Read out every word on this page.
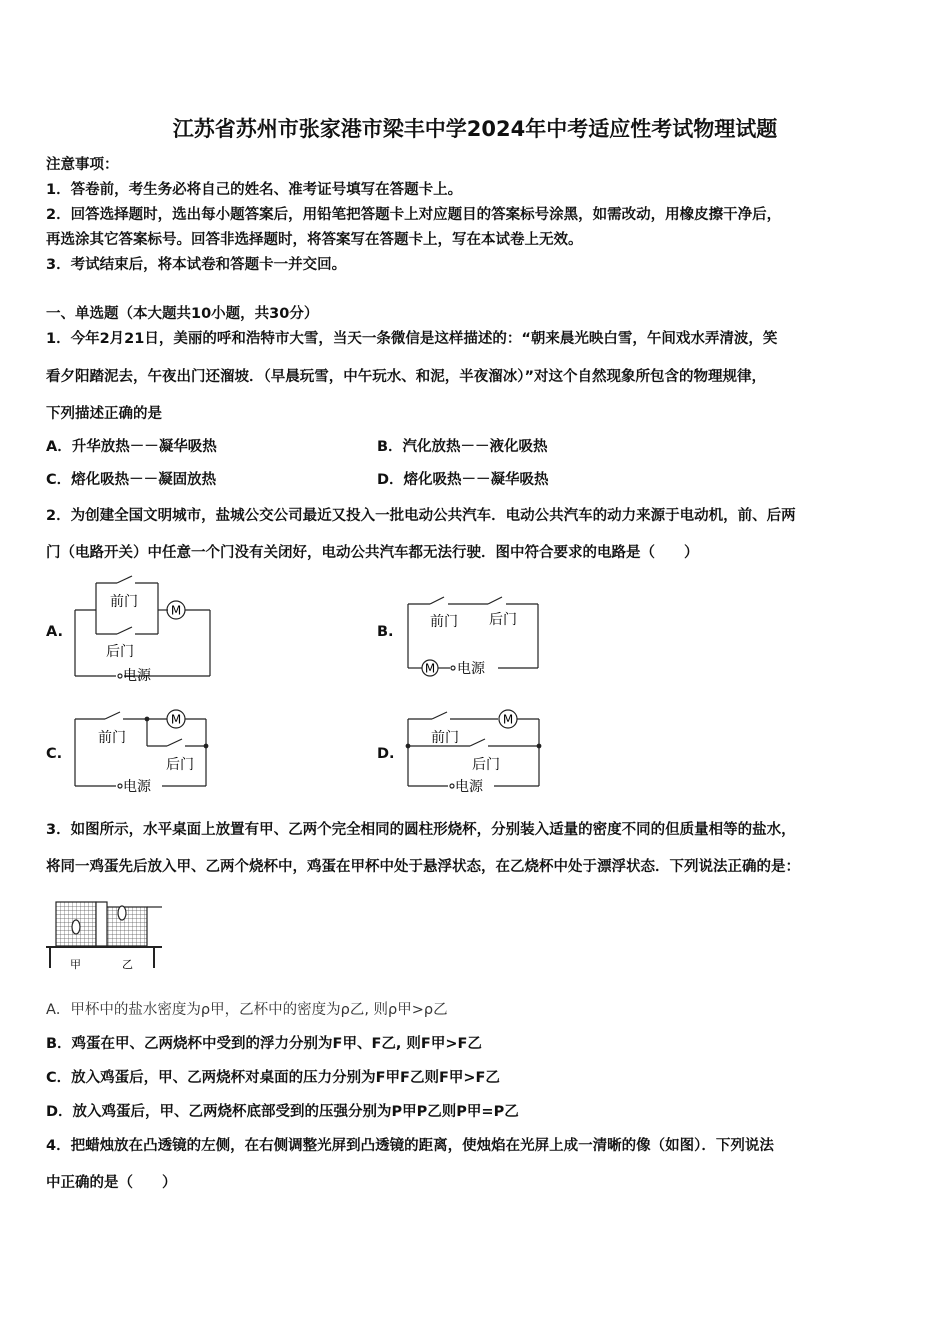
江苏省苏州市张家港市梁丰中学2024年中考适应性考试物理试题
注意事项：
1．答卷前，考生务必将自己的姓名、准考证号填写在答题卡上。
2．回答选择题时，选出每小题答案后，用铅笔把答题卡上对应题目的答案标号涂黑，如需改动，用橡皮擦干净后，
再选涂其它答案标号。回答非选择题时，将答案写在答题卡上，写在本试卷上无效。
3．考试结束后，将本试卷和答题卡一并交回。
一、单选题（本大题共10小题，共30分）
1．今年2月21日，美丽的呼和浩特市大雪，当天一条微信是这样描述的：“朝来晨光映白雪，午间戏水弄清波，笑
看夕阳踏泥去，午夜出门还溜坡．（早晨玩雪，中午玩水、和泥，半夜溜冰）”对这个自然现象所包含的物理规律，
下列描述正确的是
A．升华放热－－凝华吸热	B．汽化放热－－液化吸热
C．熔化吸热－－凝固放热	D．熔化吸热－－凝华吸热
2．为创建全国文明城市，盐城公交公司最近又投入一批电动公共汽车．电动公共汽车的动力来源于电动机，前、后两
门（电路开关）中任意一个门没有关闭好，电动公共汽车都无法行驶．图中符合要求的电路是（　　）
A.	B.
C.	D.
M
前门
后门
电源	M
前门 后门
电源
M
前门
后门
电源
M
前门
后门
电源
3．如图所示，水平桌面上放置有甲、乙两个完全相同的圆柱形烧杯，分别装入适量的密度不同的但质量相等的盐水，
将同一鸡蛋先后放入甲、乙两个烧杯中，鸡蛋在甲杯中处于悬浮状态，在乙烧杯中处于漂浮状态．下列说法正确的是：
甲	乙
A．甲杯中的盐水密度为ρ甲，乙杯中的密度为ρ乙, 则ρ甲>ρ乙
B．鸡蛋在甲、乙两烧杯中受到的浮力分别为F甲、F乙, 则F甲>F乙
C．放入鸡蛋后，甲、乙两烧杯对桌面的压力分别为F甲F乙则F甲>F乙
D．放入鸡蛋后，甲、乙两烧杯底部受到的压强分别为P甲P乙则P甲=P乙
4．把蜡烛放在凸透镜的左侧，在右侧调整光屏到凸透镜的距离，使烛焰在光屏上成一清晰的像（如图）．下列说法
中正确的是（　　）
